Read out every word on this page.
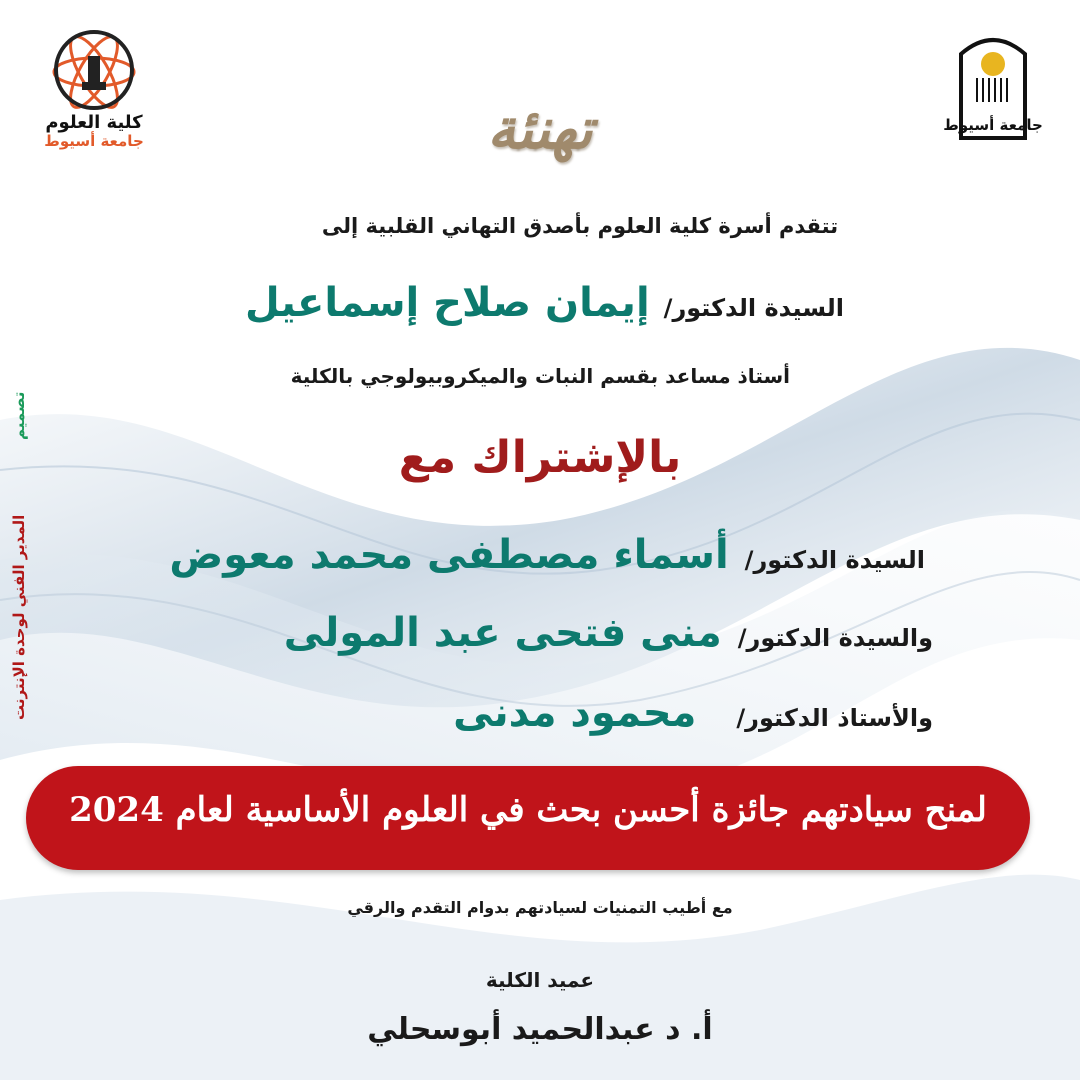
كلية العلوم
جامعة أسيوط
جامعة أسيوط
تهنئة
تتقدم أسرة كلية العلوم بأصدق التهاني القلبية إلى
السيدة الدكتور/إيمان صلاح إسماعيل
أستاذ مساعد بقسم النبات والميكروبيولوجي بالكلية
بالإشتراك مع
السيدة الدكتور/أسماء مصطفى محمد معوض
والسيدة الدكتور/منى فتحى عبد المولى
والأستاذ الدكتور/محمود مدنى
لمنح سيادتهم جائزة أحسن بحث في العلوم الأساسية لعام 2024
مع أطيب التمنيات لسيادتهم بدوام التقدم والرقي
عميد الكلية
أ. د عبدالحميد أبوسحلي
تصميم
المدير الفني لوحدة الإنترنت
